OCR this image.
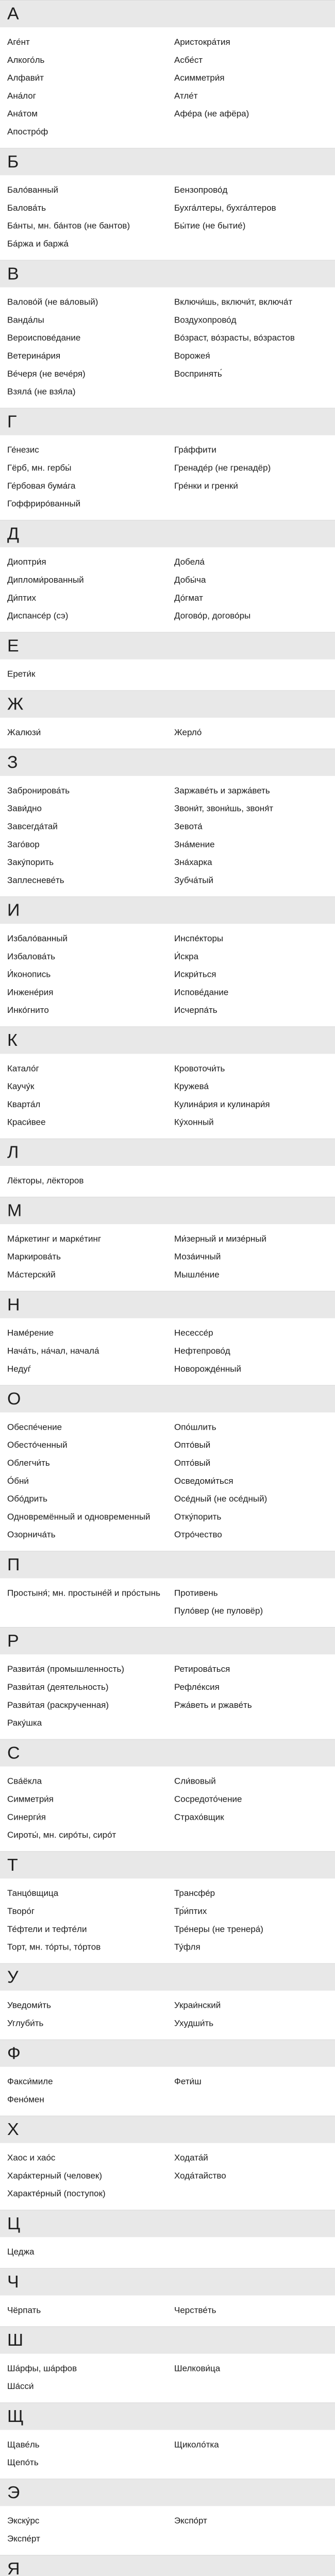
А
Аге́нт	Аристокра́тия
Алкого́ль	Асбе́ст
Алфави́т	Асимметри́я
Ана́лог	Атле́т
Ана́том	Афе́ра (не афёра)
Апостро́ф
Б
Бало́ванный	Бензопрово́д
Балова́ть	Бухга́лтеры, бухга́лтеров
Ба́нты, мн. ба́нтов (не бантов)	Бы́тие (не бытие́)
Ба́ржа и баржа́
В
Валово́й (не ва́ловый)	Включи́шь, включи́т, включа́т
Ванда́лы	Воздухопрово́д
Вероиспове́дание	Во́зраст, во́зрасты, во́зрастов
Ветерина́рия	Ворожея́
Ве́черя (не вече́ря)	Воспринять́
Взяла́ (не взя́ла)
Г
Ге́незис	Гра́ффити
Гёрб, мн. гербы́	Гренаде́р (не гренадёр)
Ге́рбовая бума́га	Гре́нки и гренки́
Гоффриро́ванный
Д
Диоптри́я	Добела́
Дипломи́рованный	Добы́ча
Ди́птих	До́гмат
Диспансе́р (сэ)	Догово́р, догово́ры
Е
Ерети́к
Ж
Жалюзи́	Жерло́
З
Забронирова́ть	Заржаве́ть и заржа́веть
Зави́дно	Звони́т, звони́шь, звоня́т
Завсегда́тай	Зевота́
Заго́вор	Зна́мение
Заку́порить	Зна́харка
Заплесневе́ть	Зубча́тый
И
Избало́ванный	Инспе́кторы
Избалова́ть	И́скра
И́конопись	Искри́ться
Инжене́рия	Испове́дание
Инко́гнито	Исчерпа́ть
К
Катало́г	Кровоточи́ть
Каучу́к	Кружева́
Кварта́л	Кулина́рия и кулинари́я
Краси́вее	Ку́хонный
Л
Лёкторы, лёкторов
М
Ма́ркетинг и марке́тинг	Ми́зерный и мизе́рный
Маркирова́ть	Моза́ичный
Ма́стерски́й	Мышле́ние
Н
Наме́рение	Несессе́р
Нача́ть, на́чал, начала́	Нефтепрово́д
Недуѓ	Новорожде́нный
О
Обеспе́чение	Опо́шлить
Обесто́ченный	Опто́вый
Облегчи́ть	Опто́вый
О́бни́	Осведоми́ться
Обо́дрить	Осе́дный (не осе́дный)
Одновремённый и одновременный	Отку́порить
Озорнича́ть	Отро́чество
П
Простыня́; мн. простыне́й и про́стынь	Противень
Пуло́вер (не пуловёр)
Р
Развита́я (промышленность)	Ретирова́ться
Разви́тая (деятельность)	Рефле́ксия
Разви́тая (раскрученная)	Ржа́веть и ржаве́ть
Раку́шка
С
Сва́ёкла	Сли́вовый
Симметри́я	Сосредото́чение
Синерги́я	Страхо́вщик
Сироты́, мн. сиро́ты, сиро́т
Т
Танцо́вщица	Трансфе́р
Творо́г	Тр́и́птих
Те́фтели и тефте́ли	Тре́неры (не тренера́)
Торт, мн. то́рты, то́ртов	Ту́фля
У
Уведоми́ть	Украи́нский
Углуби́ть	Ухудши́ть
Ф
Факси́миле	Фети́ш
Фено́мен
Х
Хаос и хао́с	Ходата́й
Хара́ктерный (человек)	Хода́тайство
Характе́рный (поступок)
Ц
Цеджа
Ч
Чёрпать	Черстве́ть
Ш
Ша́рфы, ша́рфов	Шелкови́ца
Ша́сси́
Щ
Щаве́ль	Щиколо́тка
Щепо́ть
Э
Экску́рс	Экспо́рт
Экспе́рт
Я
